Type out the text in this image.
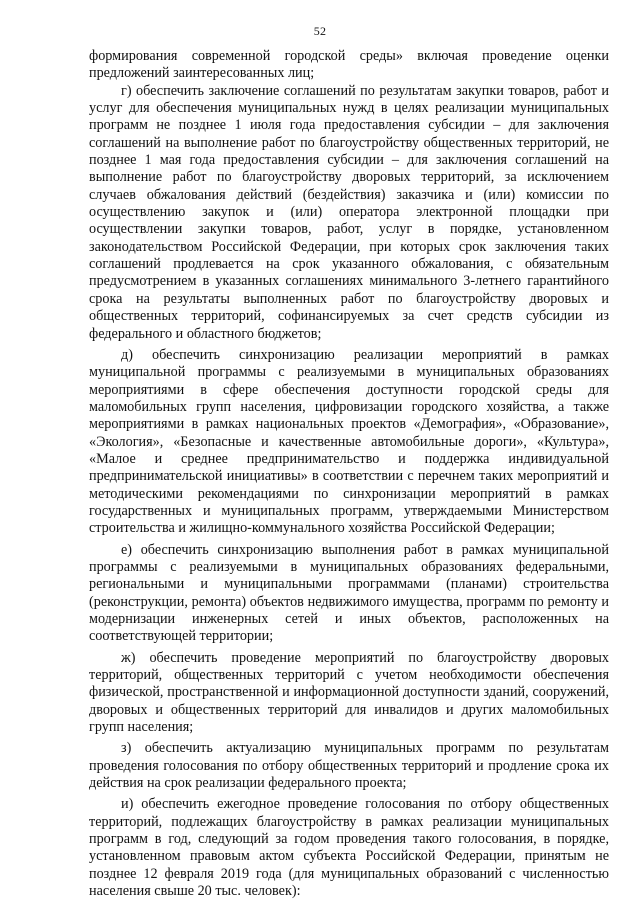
52

формирования современной городской среды» включая проведение оценки предложений заинтересованных лиц;

г) обеспечить заключение соглашений по результатам закупки товаров, работ и услуг для обеспечения муниципальных нужд в целях реализации муниципальных программ не позднее 1 июля года предоставления субсидии – для заключения соглашений на выполнение работ по благоустройству общественных территорий, не позднее 1 мая года предоставления субсидии – для заключения соглашений на выполнение работ по благоустройству дворовых территорий, за исключением случаев обжалования действий (бездействия) заказчика и (или) комиссии по осуществлению закупок и (или) оператора электронной площадки при осуществлении закупки товаров, работ, услуг в порядке, установленном законодательством Российской Федерации, при которых срок заключения таких соглашений продлевается на срок указанного обжалования, с обязательным предусмотрением в указанных соглашениях минимального 3-летнего гарантийного срока на результаты выполненных работ по благоустройству дворовых и общественных территорий, софинансируемых за счет средств субсидии из федерального и областного бюджетов;

д) обеспечить синхронизацию реализации мероприятий в рамках муниципальной программы с реализуемыми в муниципальных образованиях мероприятиями в сфере обеспечения доступности городской среды для маломобильных групп населения, цифровизации городского хозяйства, а также мероприятиями в рамках национальных проектов «Демография», «Образование», «Экология», «Безопасные и качественные автомобильные дороги», «Культура», «Малое и среднее предпринимательство и поддержка индивидуальной предпринимательской инициативы» в соответствии с перечнем таких мероприятий и методическими рекомендациями по синхронизации мероприятий в рамках государственных и муниципальных программ, утверждаемыми Министерством строительства и жилищно-коммунального хозяйства Российской Федерации;

е) обеспечить синхронизацию выполнения работ в рамках муниципальной программы с реализуемыми в муниципальных образованиях федеральными, региональными и муниципальными программами (планами) строительства (реконструкции, ремонта) объектов недвижимого имущества, программ по ремонту и модернизации инженерных сетей и иных объектов, расположенных на соответствующей территории;

ж) обеспечить проведение мероприятий по благоустройству дворовых территорий, общественных территорий с учетом необходимости обеспечения физической, пространственной и информационной доступности зданий, сооружений, дворовых и общественных территорий для инвалидов и других маломобильных групп населения;

з) обеспечить актуализацию муниципальных программ по результатам проведения голосования по отбору общественных территорий и продление срока их действия на срок реализации федерального проекта;

и) обеспечить ежегодное проведение голосования по отбору общественных территорий, подлежащих благоустройству в рамках реализации муниципальных программ в год, следующий за годом проведения такого голосования, в порядке, установленном правовым актом субъекта Российской Федерации, принятым не позднее 12 февраля 2019 года (для муниципальных образований с численностью населения свыше 20 тыс. человек):
